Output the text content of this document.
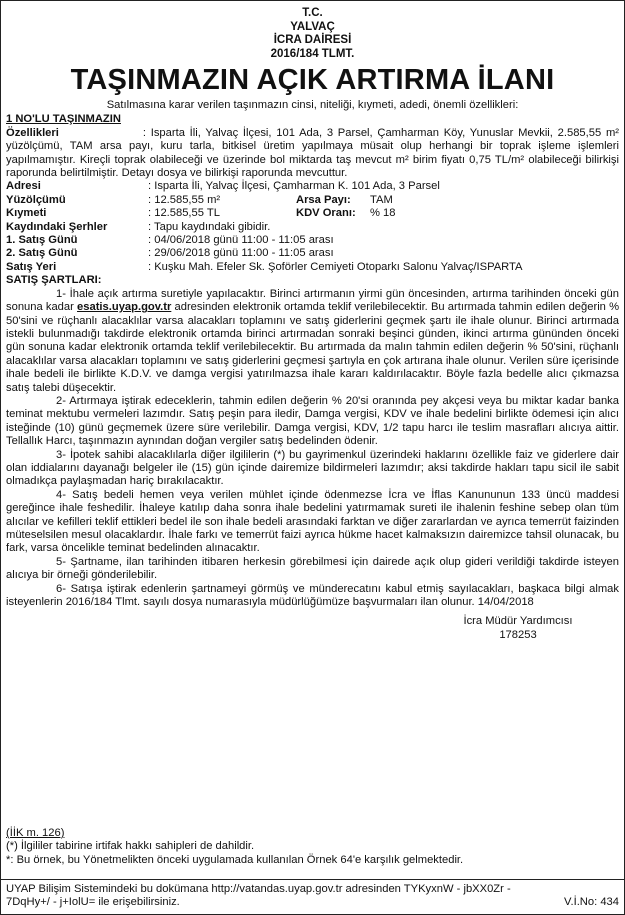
T.C.
YALVAÇ
İCRA DAİRESİ
2016/184 TLMT.
TAŞINMAZIN AÇIK ARTIRMA İLANI
Satılmasına karar verilen taşınmazın cinsi, niteliği, kıymeti, adedi, önemli özellikleri:
1 NO'LU TAŞINMAZIN
Özellikleri	: Isparta İli, Yalvaç İlçesi, 101 Ada, 3 Parsel, Çamharman Köy, Yunuslar Mevkii, 2.585,55 m² yüzölçümü, TAM arsa payı, kuru tarla, bitkisel üretim yapılmaya müsait olup herhangi bir toprak işleme işlemleri yapılmamıştır. Kireçli toprak olabileceği ve üzerinde bol miktarda taş mevcut m² birim fiyatı 0,75 TL/m² olabileceği bilirkişi raporunda belirtilmiştir. Detayı dosya ve bilirkişi raporunda mevcuttur.
Adresi	: Isparta İli, Yalvaç İlçesi, Çamharman K. 101 Ada, 3 Parsel
Yüzölçümü	: 12.585,55 m²	Arsa Payı:	TAM
Kıymeti	: 12.585,55 TL	KDV Oranı:	% 18
Kaydındaki Şerhler	: Tapu kaydındaki gibidir.
1. Satış Günü	: 04/06/2018 günü 11:00 - 11:05 arası
2. Satış Günü	: 29/06/2018 günü 11:00 - 11:05 arası
Satış Yeri	: Kuşku Mah. Efeler Sk. Şoförler Cemiyeti Otoparkı Salonu Yalvaç/ISPARTA
SATIŞ ŞARTLARI:
1- İhale açık artırma suretiyle yapılacaktır. Birinci artırmanın yirmi gün öncesinden, artırma tarihinden önceki gün sonuna kadar esatis.uyap.gov.tr adresinden elektronik ortamda teklif verilebilecektir. Bu artırmada tahmin edilen değerin % 50'sini ve rüçhanlı alacaklılar varsa alacakları toplamını ve satış giderlerini geçmek şartı ile ihale olunur. Birinci artırmada istekli bulunmadığı takdirde elektronik ortamda birinci artırmadan sonraki beşinci günden, ikinci artırma gününden önceki gün sonuna kadar elektronik ortamda teklif verilebilecektir. Bu artırmada da malın tahmin edilen değerin % 50'sini, rüçhanlı alacaklılar varsa alacakları toplamını ve satış giderlerini geçmesi şartıyla en çok artırana ihale olunur. Verilen süre içerisinde ihale bedeli ile birlikte K.D.V. ve damga vergisi yatırılmazsa ihale kararı kaldırılacaktır. Böyle fazla bedelle alıcı çıkmazsa satış talebi düşecektir.
2- Artırmaya iştirak edeceklerin, tahmin edilen değerin % 20'si oranında pey akçesi veya bu miktar kadar banka teminat mektubu vermeleri lazımdır. Satış peşin para iledir, Damga vergisi, KDV ve ihale bedelini birlikte ödemesi için alıcı isteğinde (10) günü geçmemek üzere süre verilebilir. Damga vergisi, KDV, 1/2 tapu harcı ile teslim masrafları alıcıya aittir. Tellallık Harcı, taşınmazın aynından doğan vergiler satış bedelinden ödenir.
3- İpotek sahibi alacaklılarla diğer ilgililerin (*) bu gayrimenkul üzerindeki haklarını özellikle faiz ve giderlere dair olan iddialarını dayanağı belgeler ile (15) gün içinde dairemize bildirmeleri lazımdır; aksi takdirde hakları tapu sicil ile sabit olmadıkça paylaşmadan hariç bırakılacaktır.
4- Satış bedeli hemen veya verilen mühlet içinde ödenmezse İcra ve İflas Kanununun 133 üncü maddesi gereğince ihale feshedilir. İhaleye katılıp daha sonra ihale bedelini yatırmamak sureti ile ihalenin feshine sebep olan tüm alıcılar ve kefilleri teklif ettikleri bedel ile son ihale bedeli arasındaki farktan ve diğer zararlardan ve ayrıca temerrüt faizinden müteselsilen mesul olacaklardır. İhale farkı ve temerrüt faizi ayrıca hükme hacet kalmaksızın dairemizce tahsil olunacak, bu fark, varsa öncelikle teminat bedelinden alınacaktır.
5- Şartname, ilan tarihinden itibaren herkesin görebilmesi için dairede açık olup gideri verildiği takdirde isteyen alıcıya bir örneği gönderilebilir.
6- Satışa iştirak edenlerin şartnameyi görmüş ve münderecatını kabul etmiş sayılacakları, başkaca bilgi almak isteyenlerin 2016/184 Tlmt. sayılı dosya numarasıyla müdürlüğümüze başvurmaları ilan olunur. 14/04/2018
İcra Müdür Yardımcısı
178253
(İİK m. 126)
(*) İlgililer tabirine irtifak hakkı sahipleri de dahildir.
*: Bu örnek, bu Yönetmelikten önceki uygulamada kullanılan Örnek 64'e karşılık gelmektedir.
UYAP Bilişim Sistemindeki bu dokümana http://vatandas.uyap.gov.tr adresinden TYKyxnW - jbXX0Zr -
7DqHy+/ - j+IolU= ile erişebilirsiniz.	V.İ.No: 434
